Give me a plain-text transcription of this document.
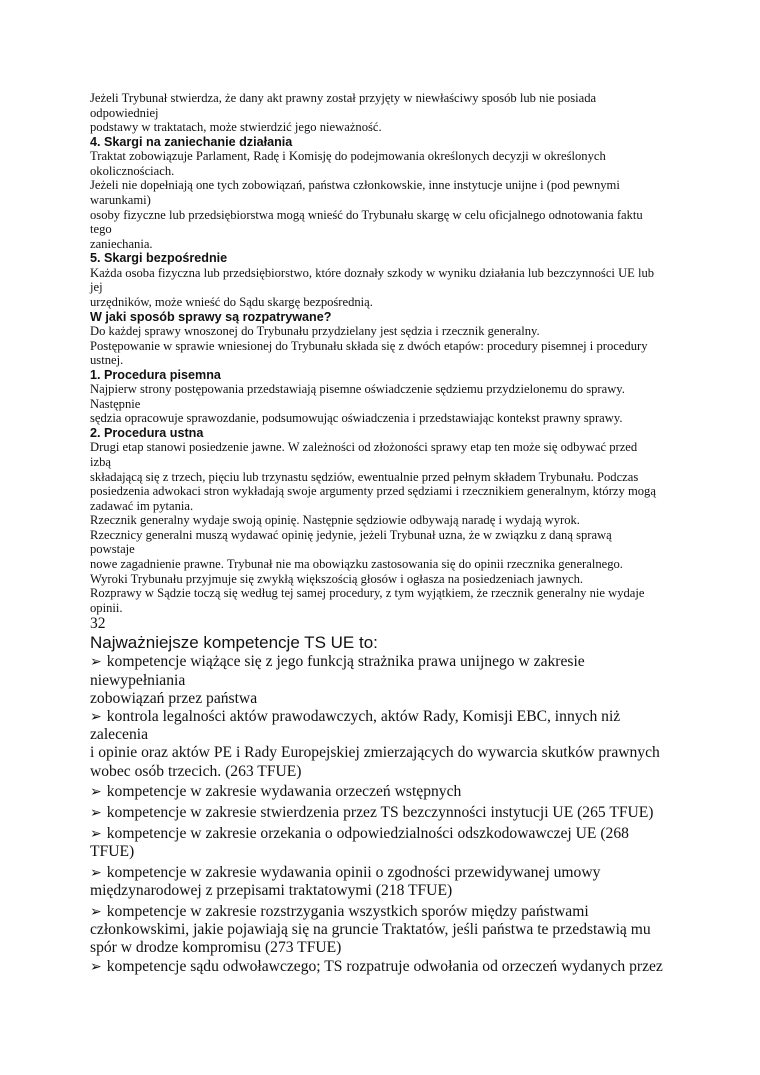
Jeżeli Trybunał stwierdza, że dany akt prawny został przyjęty w niewłaściwy sposób lub nie posiada

odpowiedniej

podstawy w traktatach, może stwierdzić jego nieważność.

4. Skargi na zaniechanie działania

Traktat zobowiązuje Parlament, Radę i Komisję do podejmowania określonych decyzji w określonych

okolicznościach.

Jeżeli nie dopełniają one tych zobowiązań, państwa członkowskie, inne instytucje unijne i (pod pewnymi

warunkami)

osoby fizyczne lub przedsiębiorstwa mogą wnieść do Trybunału skargę w celu oficjalnego odnotowania faktu

tego

zaniechania.

5. Skargi bezpośrednie

Każda osoba fizyczna lub przedsiębiorstwo, które doznały szkody w wyniku działania lub bezczynności UE lub

jej

urzędników, może wnieść do Sądu skargę bezpośrednią.

W jaki sposób sprawy są rozpatrywane?

Do każdej sprawy wnoszonej do Trybunału przydzielany jest sędzia i rzecznik generalny.

Postępowanie w sprawie wniesionej do Trybunału składa się z dwóch etapów: procedury pisemnej i procedury

ustnej.

1. Procedura pisemna

Najpierw strony postępowania przedstawiają pisemne oświadczenie sędziemu przydzielonemu do sprawy.

Następnie

sędzia opracowuje sprawozdanie, podsumowując oświadczenia i przedstawiając kontekst prawny sprawy.

2. Procedura ustna

Drugi etap stanowi posiedzenie jawne. W zależności od złożoności sprawy etap ten może się odbywać przed

izbą

składającą się z trzech, pięciu lub trzynastu sędziów, ewentualnie przed pełnym składem Trybunału. Podczas

posiedzenia adwokaci stron wykładają swoje argumenty przed sędziami i rzecznikiem generalnym, którzy mogą

zadawać im pytania.

Rzecznik generalny wydaje swoją opinię. Następnie sędziowie odbywają naradę i wydają wyrok.

Rzecznicy generalni muszą wydawać opinię jedynie, jeżeli Trybunał uzna, że w związku z daną sprawą

powstaje

nowe zagadnienie prawne. Trybunał nie ma obowiązku zastosowania się do opinii rzecznika generalnego.

Wyroki Trybunału przyjmuje się zwykłą większością głosów i ogłasza na posiedzeniach jawnych.

Rozprawy w Sądzie toczą się według tej samej procedury, z tym wyjątkiem, że rzecznik generalny nie wydaje

opinii.

32

Najważniejsze kompetencje TS UE to:

➢ kompetencje wiążące się z jego funkcją strażnika prawa unijnego w zakresie

niewypełniania

zobowiązań przez państwa

➢ kontrola legalności aktów prawodawczych, aktów Rady, Komisji EBC, innych niż

zalecenia

i opinie oraz aktów PE i Rady Europejskiej zmierzających do wywarcia skutków prawnych

wobec osób trzecich. (263 TFUE)

➢ kompetencje w zakresie wydawania orzeczeń wstępnych

➢ kompetencje w zakresie stwierdzenia przez TS bezczynności instytucji UE (265 TFUE)

➢ kompetencje w zakresie orzekania o odpowiedzialności odszkodowawczej UE (268

TFUE)

➢ kompetencje w zakresie wydawania opinii o zgodności przewidywanej umowy

międzynarodowej z przepisami traktatowymi (218 TFUE)

➢ kompetencje w zakresie rozstrzygania wszystkich sporów między państwami

członkowskimi, jakie pojawiają się na gruncie Traktatów, jeśli państwa te przedstawią mu

spór w drodze kompromisu (273 TFUE)

➢ kompetencje sądu odwoławczego; TS rozpatruje odwołania od orzeczeń wydanych przez
